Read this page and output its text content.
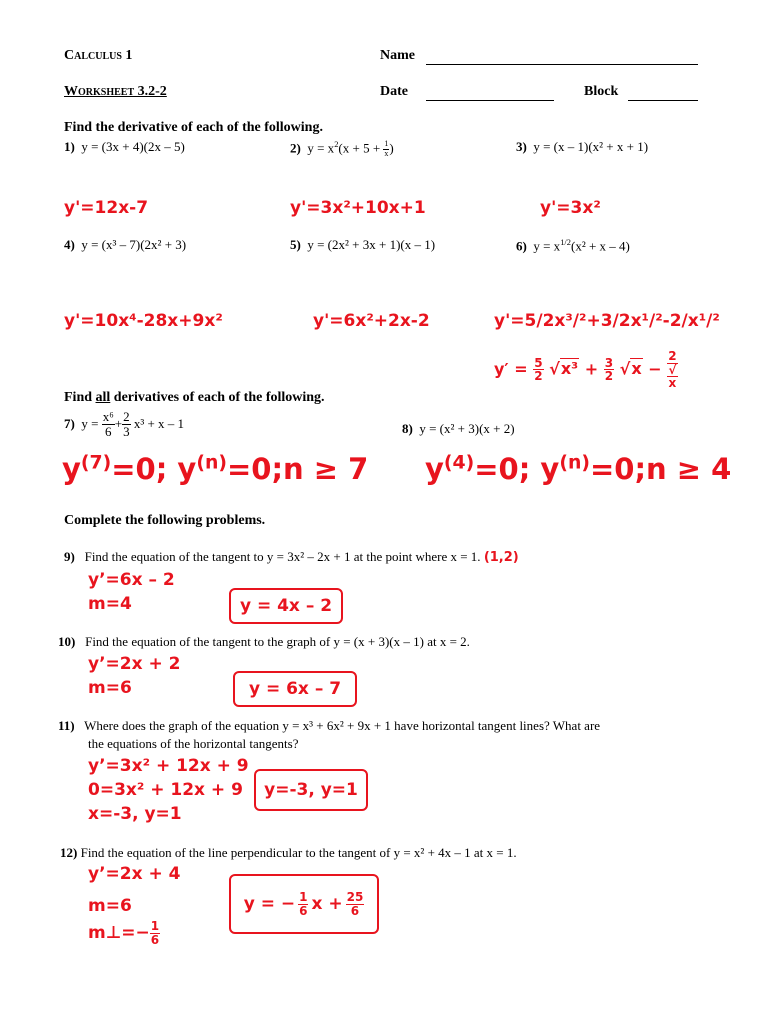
Calculus 1	Name
Worksheet 3.2-2	Date	Block
Find the derivative of each of the following.
1) y = (3x + 4)(2x – 5)	2) $y = x^2(x + 5 + \frac{1}{x}$ )	3) y = (x – 1)(x² + x + 1)
y'=12x-7	y'=3x²+10x+1	y'=3x²
4) y = (x³ – 7)(2x² + 3)	5) y = (2x² + 3x + 1)(x – 1)	6) $y = x^{1/2}(x^2 + x - 4)$
y'=10x⁴-28x+9x²	y'=6x²+2x-2	y'=5/2x³/²+3/2x¹/²-2/x¹/²
$y' = \frac{5}{2} √x^3 + \frac{3}{2} √x - 2$
√
x
Find all derivatives of each of the following.
7)
y =
$\frac{\text{x⁶}}{6} + \frac{2}{3}$
x³ + x – 1	8) y = (x² + 3)(x + 2)
$y^{(7)}=0$; $y^{(n)}=0;n \ge 7$ $y^{(4)}=0$; $y^{(n)}=0;n \ge 4$
Complete the following problems.
9) Find the equation of the tangent to y = 3x² – 2x + 1 at the point where x = 1. (1,2)
y’=6x – 2
m=4	y = 4x – 2
10) Find the equation of the tangent to the graph of y = (x + 3)(x – 1) at x = 2.
y’=2x + 2
m=6	y = 6x – 7
11) Where does the graph of the equation y = x³ + 6x² + 9x + 1 have horizontal tangent lines? What are
the equations of the horizontal tangents?
y’=3x² + 12x + 9
0=3x² + 12x + 9
x=-3, y=1
y=-3, y=1
12) Find the equation of the line perpendicular to the tangent of y = x² + 4x – 1 at x = 1.
y’=2x + 4
m=6
m⊥=− $\frac{1}{6}$
y = − $\frac{1}{6}$ $x + \frac{25}{6}$
